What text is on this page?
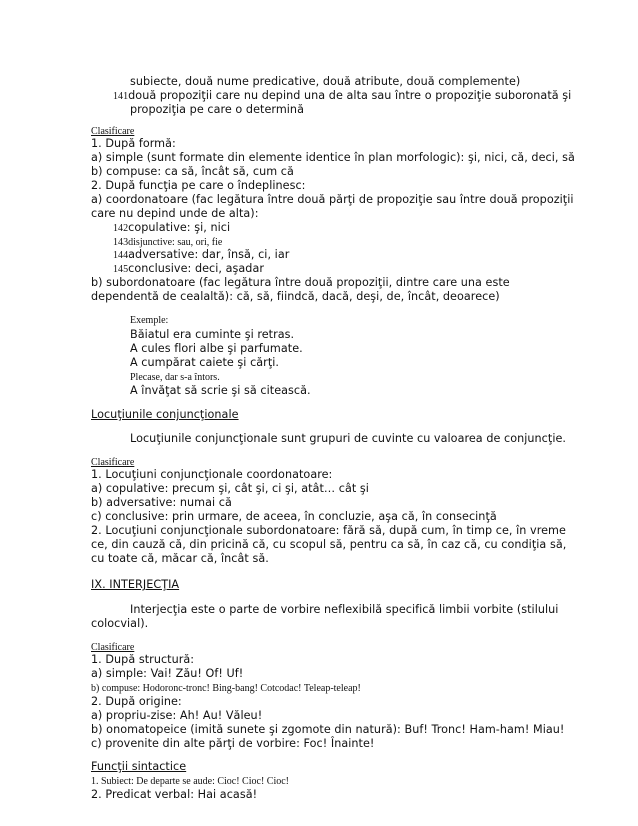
subiecte, două nume predicative, două atribute, două complemente)
141două propoziţii care nu depind una de alta sau între o propoziţie suboronată şi
propoziţia pe care o determină
Clasificare
1. După formă:
a) simple (sunt formate din elemente identice în plan morfologic): şi, nici, că, deci, să
b) compuse: ca să, încât să, cum că
2. După funcţia pe care o îndeplinesc:
a) coordonatoare (fac legătura între două părţi de propoziţie sau între două propoziţii
care nu depind unde de alta):
142copulative: şi, nici
143disjunctive: sau, ori, fie
144adversative: dar, însă, ci, iar
145conclusive: deci, aşadar
b) subordonatoare (fac legătura între două propoziţii, dintre care una este
dependentă de cealaltă): că, să, fiindcă, dacă, deşi, de, încât, deoarece)
Exemple:
Băiatul era cuminte şi retras.
A cules flori albe şi parfumate.
A cumpărat caiete şi cărţi.
Plecase, dar s-a întors.
A învăţat să scrie şi să citească.
Locuţiunile conjuncţionale
Locuţiunile conjuncţionale sunt grupuri de cuvinte cu valoarea de conjuncţie.
Clasificare
1. Locuţiuni conjuncţionale coordonatoare:
a) copulative: precum şi, cât şi, ci şi, atât… cât şi
b) adversative: numai că
c) conclusive: prin urmare, de aceea, în concluzie, aşa că, în consecinţă
2. Locuţiuni conjuncţionale subordonatoare: fără să, după cum, în timp ce, în vreme
ce, din cauză că, din pricină că, cu scopul să, pentru ca să, în caz că, cu condiţia să,
cu toate că, măcar că, încât să.
IX. INTERJECŢIA
Interjecţia este o parte de vorbire neflexibilă specifică limbii vorbite (stilului
colocvial).
Clasificare
1. După structură:
a) simple: Vai! Zău! Of! Uf!
b) compuse: Hodoronc-tronc! Bing-bang! Cotcodac! Teleap-teleap!
2. După origine:
a) propriu-zise: Ah! Au! Văleu!
b) onomatopeice (imită sunete şi zgomote din natură): Buf! Tronc! Ham-ham! Miau!
c) provenite din alte părţi de vorbire: Foc! Înainte!
Funcţii sintactice
1. Subiect: De departe se aude: Cioc! Cioc! Cioc!
2. Predicat verbal: Hai acasă!
